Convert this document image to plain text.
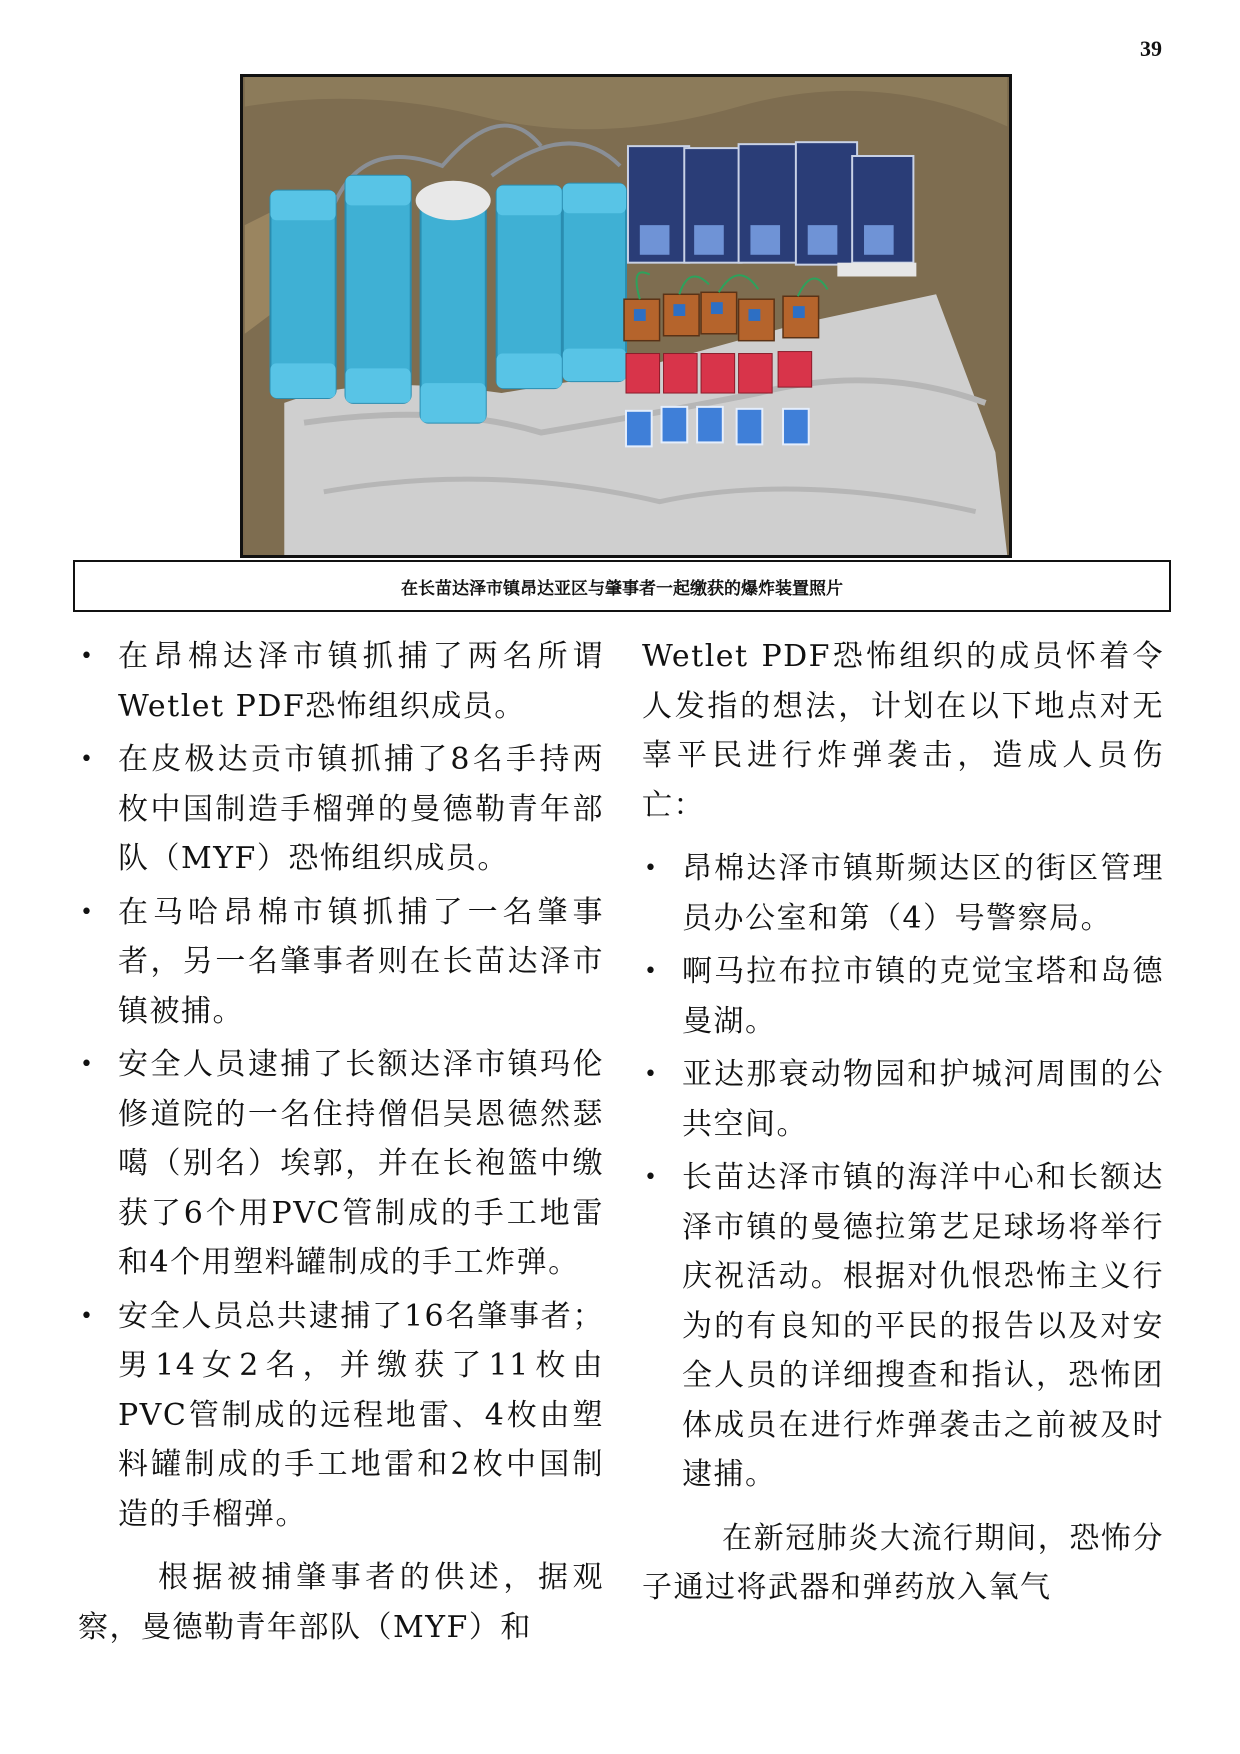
39
在长苗达泽市镇昂达亚区与肇事者一起缴获的爆炸装置照片
• 在昂棉达泽市镇抓捕了两名所谓Wetlet PDF恐怖组织成员。
• 在皮极达贡市镇抓捕了8名手持两枚中国制造手榴弹的曼德勒青年部队（MYF）恐怖组织成员。
• 在马哈昂棉市镇抓捕了一名肇事者，另一名肇事者则在长苗达泽市镇被捕。
• 安全人员逮捕了长额达泽市镇玛伦修道院的一名住持僧侣吴恩德然瑟噶（别名）埃郭，并在长袍篮中缴获了6个用PVC管制成的手工地雷和4个用塑料罐制成的手工炸弹。
• 安全人员总共逮捕了16名肇事者；男14女2名，并缴获了11枚由PVC管制成的远程地雷、4枚由塑料罐制成的手工地雷和2枚中国制造的手榴弹。

根据被捕肇事者的供述，据观察，曼德勒青年部队（MYF）和

Wetlet PDF恐怖组织的成员怀着令人发指的想法，计划在以下地点对无辜平民进行炸弹袭击，造成人员伤亡：

• 昂棉达泽市镇斯频达区的街区管理员办公室和第（4）号警察局。
• 啊马拉布拉市镇的克觉宝塔和岛德曼湖。
• 亚达那衰动物园和护城河周围的公共空间。
• 长苗达泽市镇的海洋中心和长额达泽市镇的曼德拉第艺足球场将举行庆祝活动。根据对仇恨恐怖主义行为的有良知的平民的报告以及对安全人员的详细搜查和指认，恐怖团体成员在进行炸弹袭击之前被及时逮捕。

在新冠肺炎大流行期间，恐怖分子通过将武器和弹药放入氧气
